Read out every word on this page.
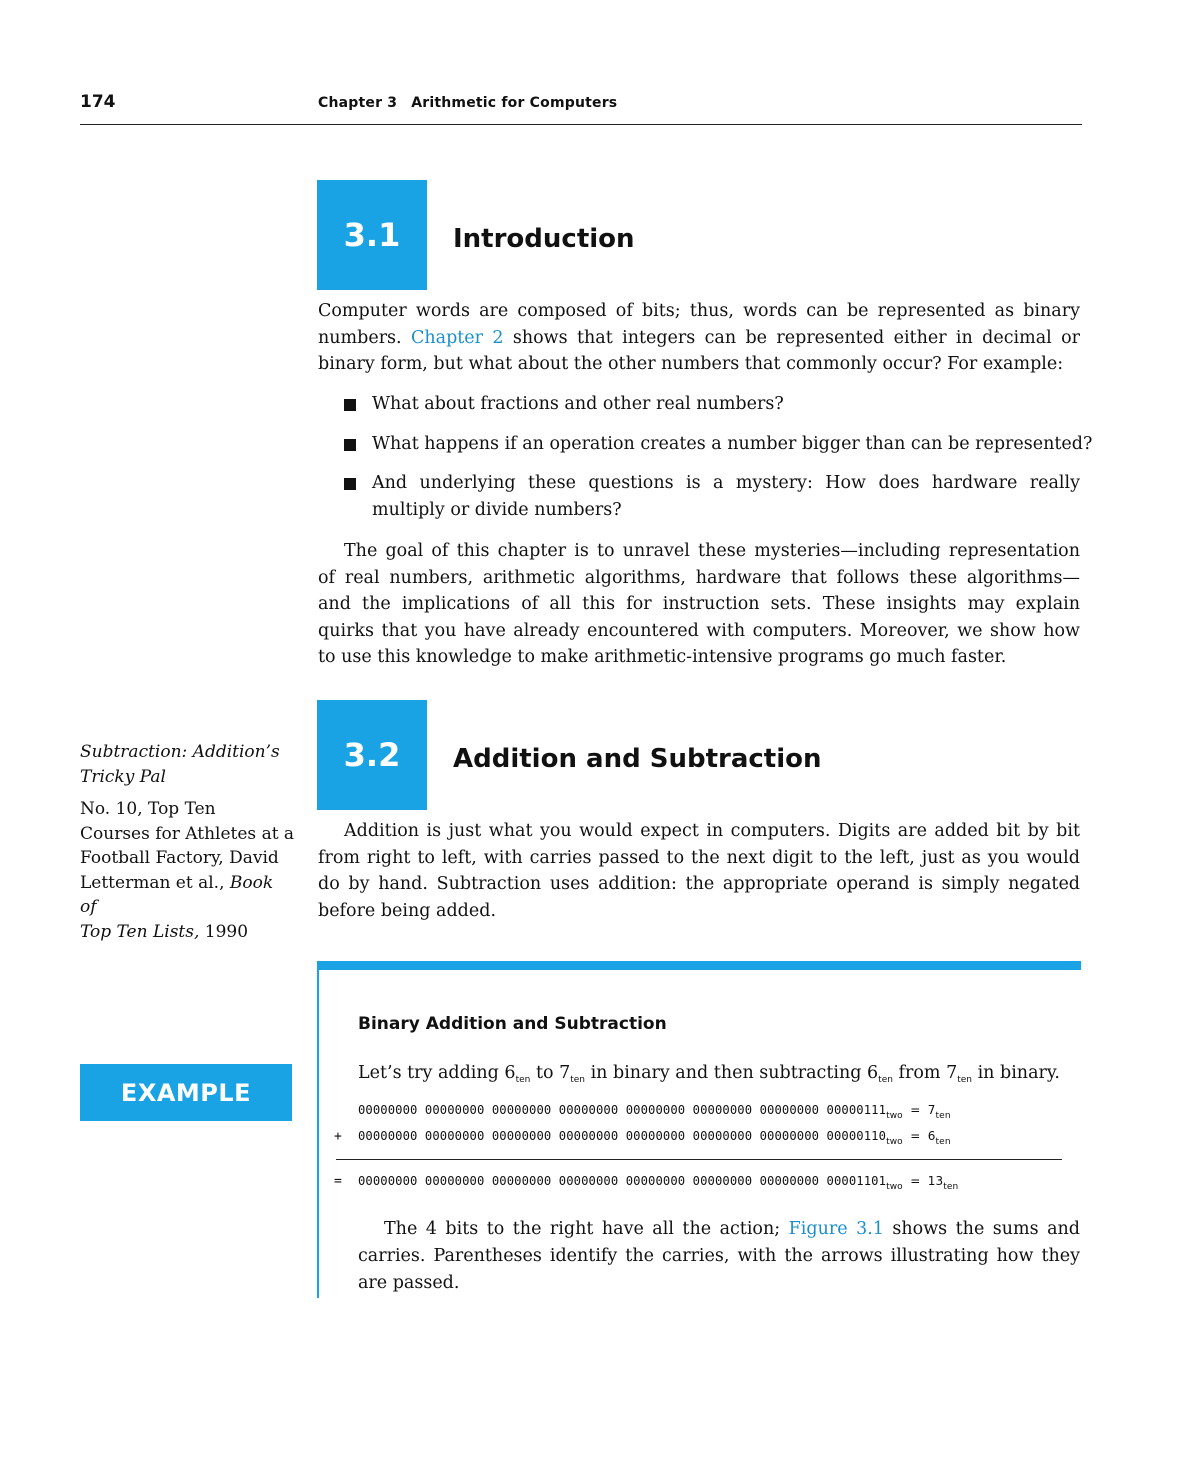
174	Chapter 3 Arithmetic for Computers
3.1 Introduction
Computer words are composed of bits; thus, words can be represented as binary
numbers. Chapter 2 shows that integers can be represented either in decimal or
binary form, but what about the other numbers that commonly occur? For example:
What about fractions and other real numbers?
What happens if an operation creates a number bigger than can be represented?
And underlying these questions is a mystery: How does hardware really
multiply or divide numbers?
The goal of this chapter is to unravel these mysteries—including representation
of real numbers, arithmetic algorithms, hardware that follows these algorithms—
and the implications of all this for instruction sets. These insights may explain
quirks that you have already encountered with computers. Moreover, we show how
to use this knowledge to make arithmetic-intensive programs go much faster.
Subtraction: Addition’s
Tricky Pal
No. 10, Top Ten
Courses for Athletes at a
Football Factory, David
Letterman et al., Book of
Top Ten Lists, 1990
3.2 Addition and Subtraction
Addition is just what you would expect in computers. Digits are added bit by bit
from right to left, with carries passed to the next digit to the left, just as you would
do by hand. Subtraction uses addition: the appropriate operand is simply negated
before being added.
EXAMPLE
Binary Addition and Subtraction
Let’s try adding $6_{ten}$ to $7_{ten}$ in binary and then subtracting $6_{ten}$ from $7_{ten}$ in binary.
00000000 00000000 00000000 00000000 00000000 00000000 00000000 $00000111_{two} = 7_{ten}$
+ 00000000 00000000 00000000 00000000 00000000 00000000 00000000 $00000110_{two} = 6_{ten}$
= 00000000 00000000 00000000 00000000 00000000 00000000 00000000 $00001101_{two} = 13_{ten}$
The 4 bits to the right have all the action; Figure 3.1 shows the sums and
carries. Parentheses identify the carries, with the arrows illustrating how they
are passed.
